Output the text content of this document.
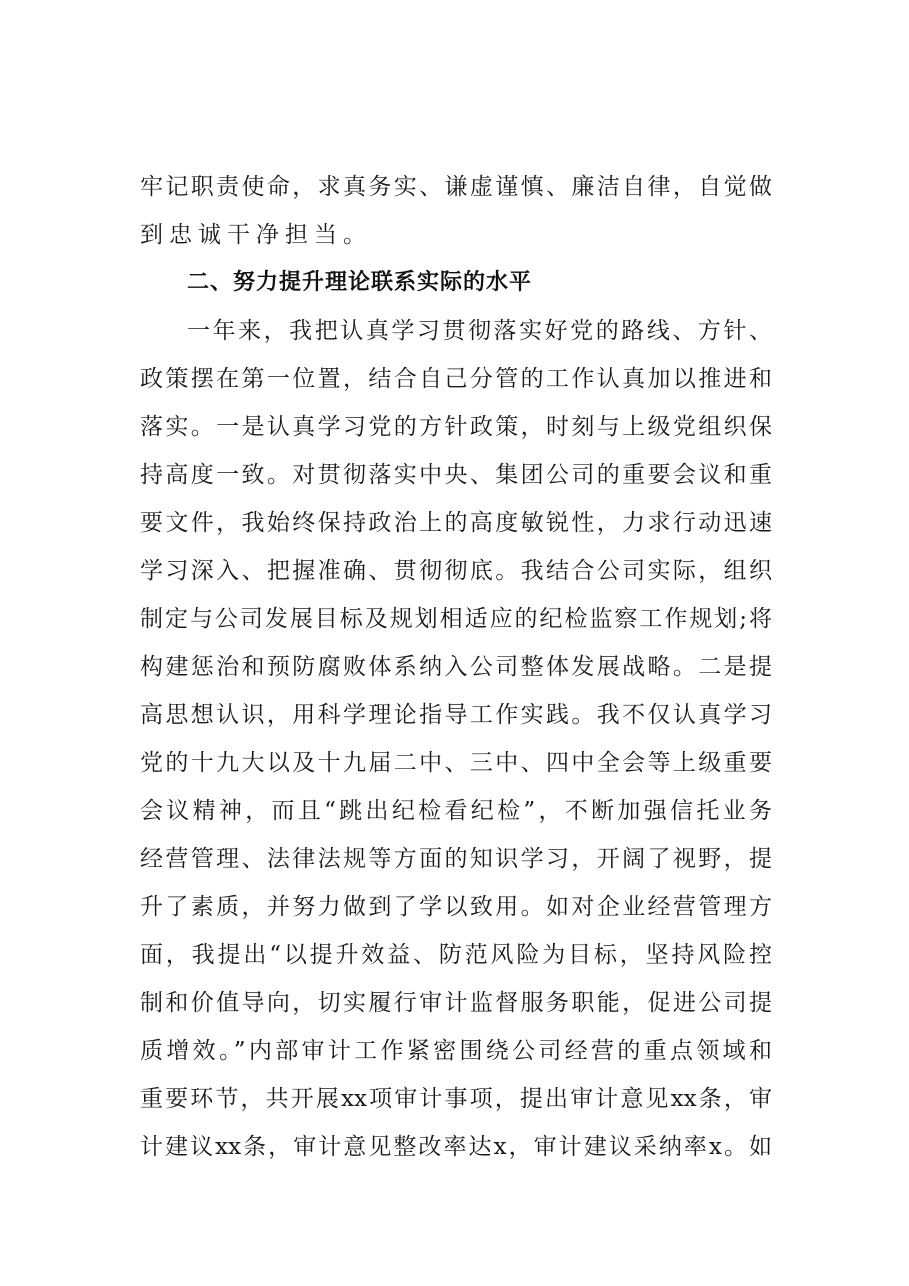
牢记职责使命，求真务实、谦虚谨慎、廉洁自律，自觉做
到忠诚干净担当。
二、努力提升理论联系实际的水平
一年来，我把认真学习贯彻落实好党的路线、方针、
政策摆在第一位置，结合自己分管的工作认真加以推进和
落实。一是认真学习党的方针政策，时刻与上级党组织保
持高度一致。对贯彻落实中央、集团公司的重要会议和重
要文件，我始终保持政治上的高度敏锐性，力求行动迅速
学习深入、把握准确、贯彻彻底。我结合公司实际，组织
制定与公司发展目标及规划相适应的纪检监察工作规划;将
构建惩治和预防腐败体系纳入公司整体发展战略。二是提
高思想认识，用科学理论指导工作实践。我不仅认真学习
党的十九大以及十九届二中、三中、四中全会等上级重要
会议精神，而且“跳出纪检看纪检”，不断加强信托业务
经营管理、法律法规等方面的知识学习，开阔了视野，提
升了素质，并努力做到了学以致用。如对企业经营管理方
面，我提出“以提升效益、防范风险为目标，坚持风险控
制和价值导向，切实履行审计监督服务职能，促进公司提
质增效。”内部审计工作紧密围绕公司经营的重点领域和
重要环节，共开展xx项审计事项，提出审计意见xx条，审
计建议xx条，审计意见整改率达x，审计建议采纳率x。如
